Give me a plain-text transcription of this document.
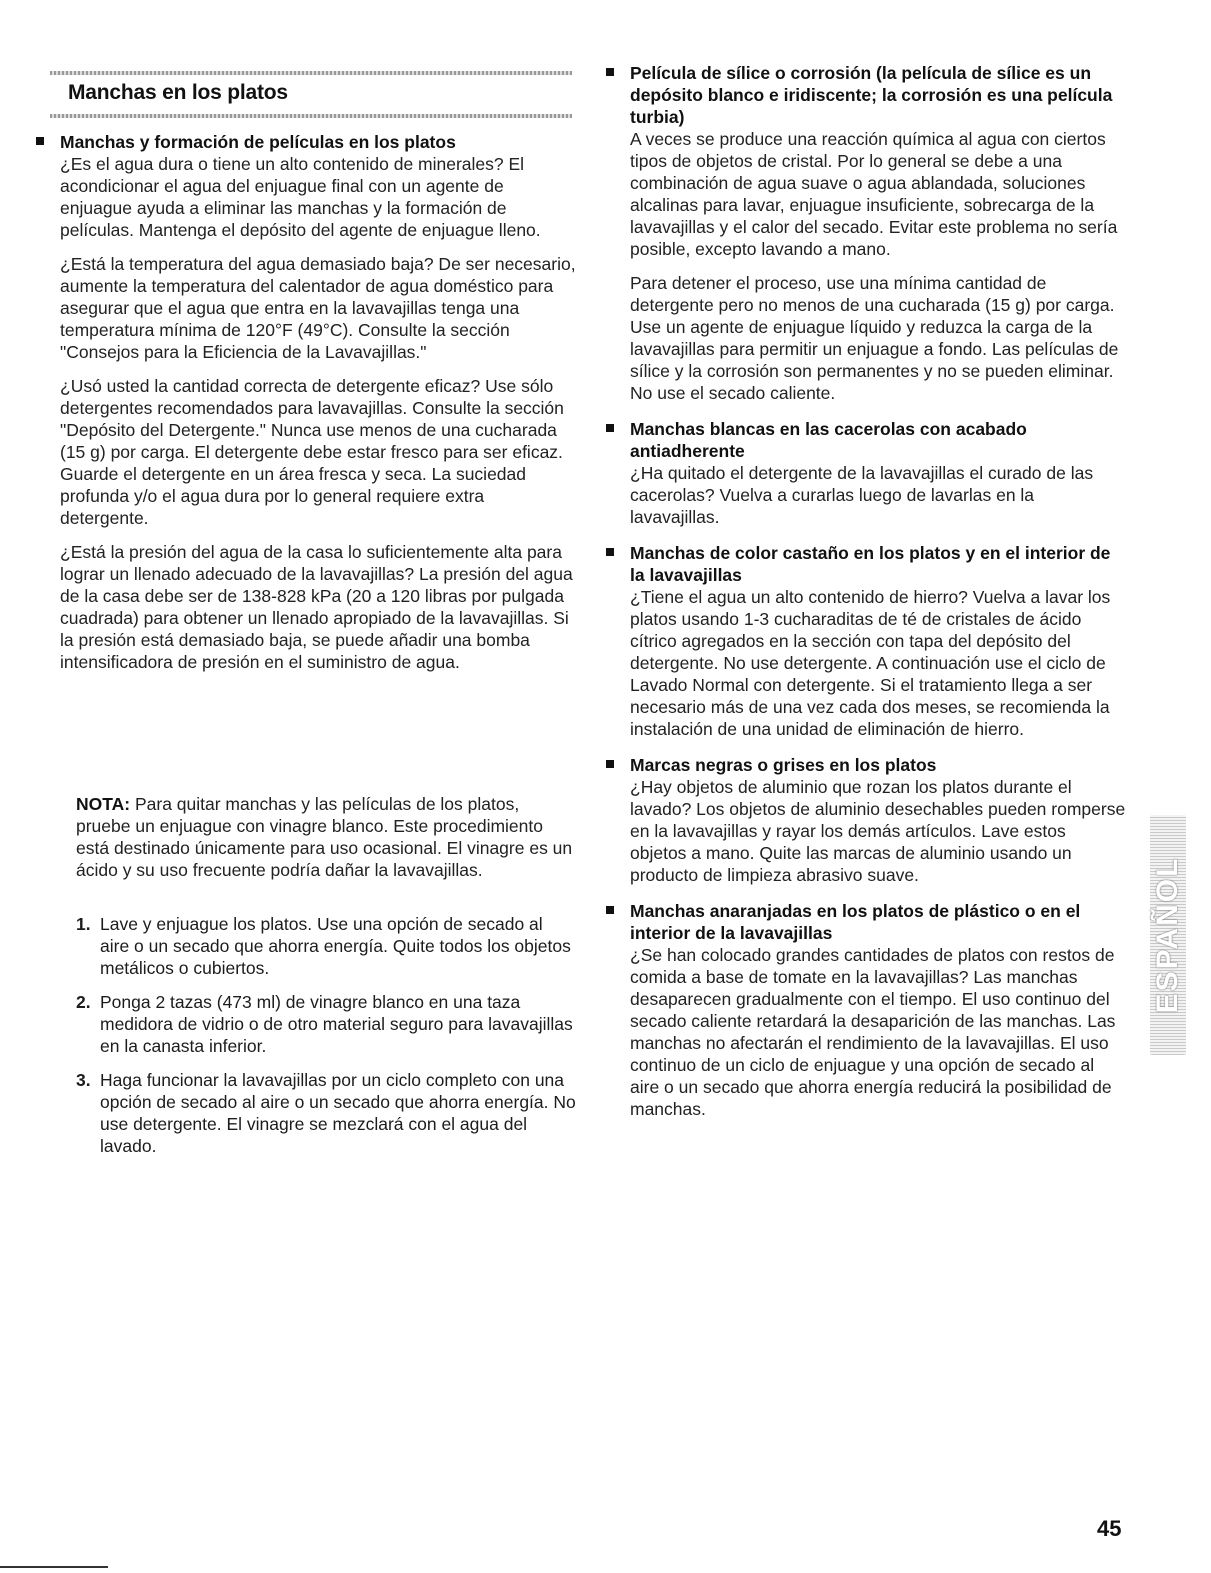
Manchas en los platos

Manchas y formación de películas en los platos

¿Es el agua dura o tiene un alto contenido de minerales? El acondicionar el agua del enjuague final con un agente de enjuague ayuda a eliminar las manchas y la formación de películas. Mantenga el depósito del agente de enjuague lleno.

¿Está la temperatura del agua demasiado baja? De ser necesario, aumente la temperatura del calentador de agua doméstico para asegurar que el agua que entra en la lavavajillas tenga una temperatura mínima de 120°F (49°C). Consulte la sección "Consejos para la Eficiencia de la Lavavajillas."

¿Usó usted la cantidad correcta de detergente eficaz? Use sólo detergentes recomendados para lavavajillas. Consulte la sección "Depósito del Detergente." Nunca use menos de una cucharada (15 g) por carga. El detergente debe estar fresco para ser eficaz. Guarde el detergente en un área fresca y seca. La suciedad profunda y/o el agua dura por lo general requiere extra detergente.

¿Está la presión del agua de la casa lo suficientemente alta para lograr un llenado adecuado de la lavavajillas? La presión del agua de la casa debe ser de 138-828 kPa (20 a 120 libras por pulgada cuadrada) para obtener un llenado apropiado de la lavavajillas. Si la presión está demasiado baja, se puede añadir una bomba intensificadora de presión en el suministro de agua.

NOTA: Para quitar manchas y las películas de los platos, pruebe un enjuague con vinagre blanco. Este procedimiento está destinado únicamente para uso ocasional. El vinagre es un ácido y su uso frecuente podría dañar la lavavajillas.

1. Lave y enjuague los platos. Use una opción de secado al aire o un secado que ahorra energía. Quite todos los objetos metálicos o cubiertos.
2. Ponga 2 tazas (473 ml) de vinagre blanco en una taza medidora de vidrio o de otro material seguro para lavavajillas en la canasta inferior.
3. Haga funcionar la lavavajillas por un ciclo completo con una opción de secado al aire o un secado que ahorra energía. No use detergente. El vinagre se mezclará con el agua del lavado.

Película de sílice o corrosión (la película de sílice es un depósito blanco e iridiscente; la corrosión es una película turbia)

A veces se produce una reacción química al agua con ciertos tipos de objetos de cristal. Por lo general se debe a una combinación de agua suave o agua ablandada, soluciones alcalinas para lavar, enjuague insuficiente, sobrecarga de la lavavajillas y el calor del secado. Evitar este problema no sería posible, excepto lavando a mano.

Para detener el proceso, use una mínima cantidad de detergente pero no menos de una cucharada (15 g) por carga. Use un agente de enjuague líquido y reduzca la carga de la lavavajillas para permitir un enjuague a fondo. Las películas de sílice y la corrosión son permanentes y no se pueden eliminar. No use el secado caliente.

Manchas blancas en las cacerolas con acabado antiadherente

¿Ha quitado el detergente de la lavavajillas el curado de las cacerolas? Vuelva a curarlas luego de lavarlas en la lavavajillas.

Manchas de color castaño en los platos y en el interior de la lavavajillas

¿Tiene el agua un alto contenido de hierro? Vuelva a lavar los platos usando 1-3 cucharaditas de té de cristales de ácido cítrico agregados en la sección con tapa del depósito del detergente. No use detergente. A continuación use el ciclo de Lavado Normal con detergente. Si el tratamiento llega a ser necesario más de una vez cada dos meses, se recomienda la instalación de una unidad de eliminación de hierro.

Marcas negras o grises en los platos

¿Hay objetos de aluminio que rozan los platos durante el lavado? Los objetos de aluminio desechables pueden romperse en la lavavajillas y rayar los demás artículos. Lave estos objetos a mano. Quite las marcas de aluminio usando un producto de limpieza abrasivo suave.

Manchas anaranjadas en los platos de plástico o en el interior de la lavavajillas

¿Se han colocado grandes cantidades de platos con restos de comida a base de tomate en la lavavajillas? Las manchas desaparecen gradualmente con el tiempo. El uso continuo del secado caliente retardará la desaparición de las manchas. Las manchas no afectarán el rendimiento de la lavavajillas. El uso continuo de un ciclo de enjuague y una opción de secado al aire o un secado que ahorra energía reducirá la posibilidad de manchas.

ESPAÑOL

45
